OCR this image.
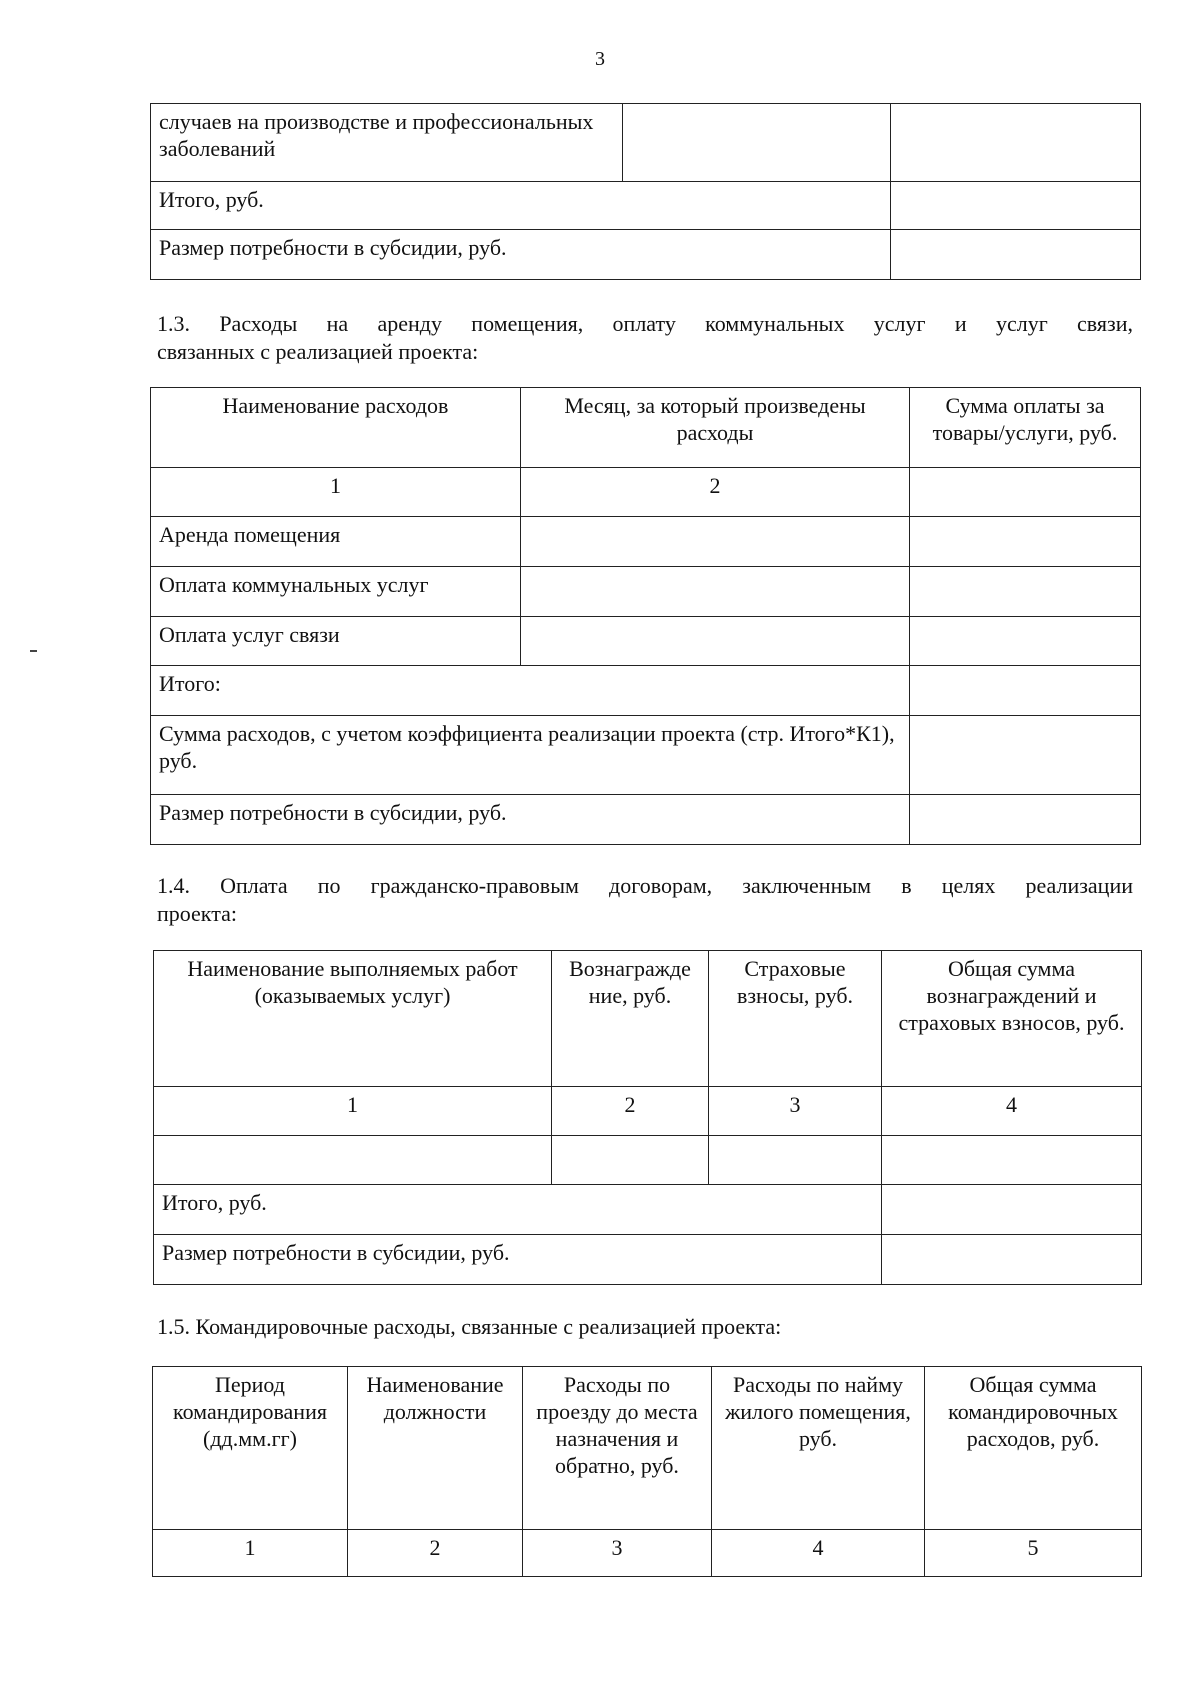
3
случаев на производстве и профессиональных заболеваний		
Итого, руб.		
Размер потребности в субсидии, руб.		
1.3. Расходы на аренду помещения, оплату коммунальных услуг и услуг связи,
связанных с реализацией проекта:
Наименование расходов	Месяц, за который произведены расходы	Сумма оплаты за товары/услуги, руб.
1	2	
Аренда помещения		
Оплата коммунальных услуг		
Оплата услуг связи		
Итого:		
Сумма расходов, с учетом коэффициента реализации проекта (стр. Итого*К1), руб.		
Размер потребности в субсидии, руб.		
1.4. Оплата по гражданско-правовым договорам, заключенным в целях реализации
проекта:
Наименование выполняемых работ (оказываемых услуг)	Вознагражде ние, руб.	Страховые взносы, руб.	Общая сумма вознаграждений и страховых взносов, руб.
1	2	3	4

Итого, руб.			
Размер потребности в субсидии, руб.			
1.5. Командировочные расходы, связанные с реализацией проекта:
Период командирования (дд.мм.гг)	Наименование должности	Расходы по проезду до места назначения и обратно, руб.	Расходы по найму жилого помещения, руб.	Общая сумма командировочных расходов, руб.
1	2	3	4	5
